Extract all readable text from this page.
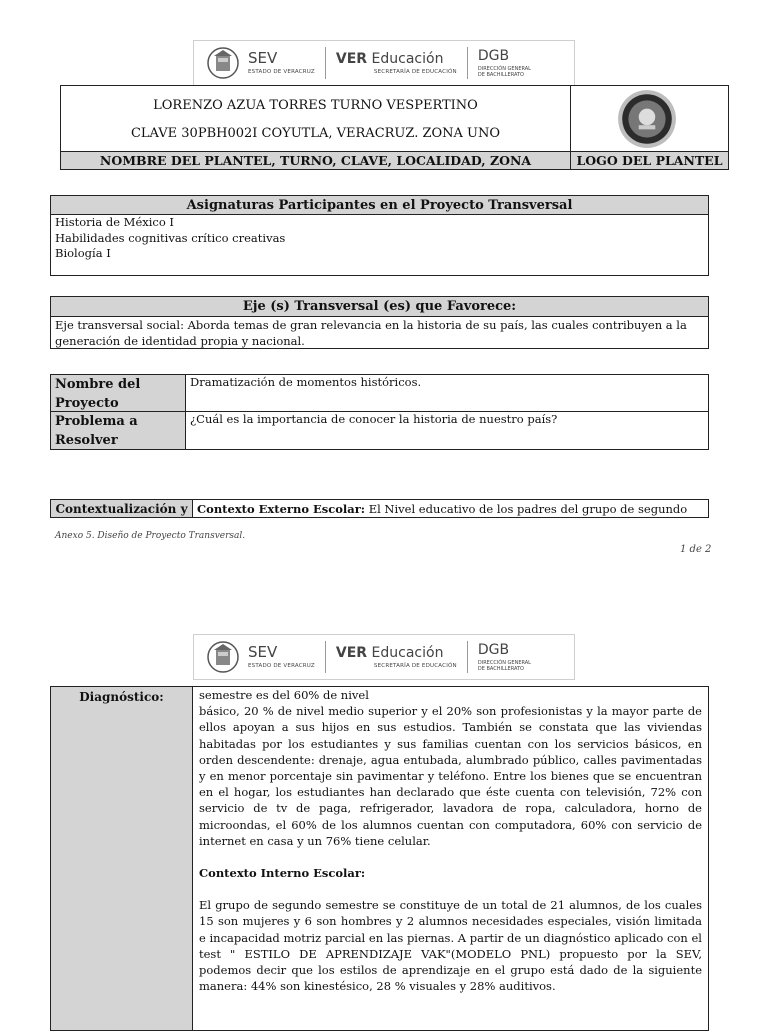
SEV
ESTADO DE VERACRUZ
VER Educación
SECRETARÍA DE EDUCACIÓN
DGB
DIRECCIÓN GENERAL
DE BACHILLERATO
LORENZO AZUA TORRES TURNO VESPERTINO
CLAVE 30PBH002I COYUTLA, VERACRUZ. ZONA UNO
NOMBRE DEL PLANTEL, TURNO, CLAVE, LOCALIDAD, ZONA	LOGO DEL PLANTEL
Asignaturas Participantes en el Proyecto Transversal
Historia de México I
Habilidades cognitivas crítico creativas
Biología I
Eje (s) Transversal (es) que Favorece:
Eje transversal social: Aborda temas de gran relevancia en la historia de su país, las cuales contribuyen a la generación de identidad propia y nacional.
Nombre del Proyecto
Dramatización de momentos históricos.
Problema a Resolver
¿Cuál es la importancia de conocer la historia de nuestro país?
Contextualización y Contexto Externo Escolar: El Nivel educativo de los padres del grupo de segundo
Anexo 5. Diseño de Proyecto Transversal.
1 de 2
SEV
ESTADO DE VERACRUZ
VER Educación
SECRETARÍA DE EDUCACIÓN
DGB
DIRECCIÓN GENERAL
DE BACHILLERATO
Diagnóstico:	semestre es del 60% de nivel
básico, 20 % de nivel medio superior y el 20% son profesionistas y la mayor parte de ellos apoyan a sus hijos en sus estudios. También se constata que las viviendas habitadas por los estudiantes y sus familias cuentan con los servicios básicos, en orden descendente: drenaje, agua entubada, alumbrado público, calles pavimentadas y en menor porcentaje sin pavimentar y teléfono. Entre los bienes que se encuentran en el hogar, los estudiantes han declarado que éste cuenta con televisión, 72% con servicio de tv de paga, refrigerador, lavadora de ropa, calculadora, horno de microondas, el 60% de los alumnos cuentan con computadora, 60% con servicio de internet en casa y un 76% tiene celular.
Contexto Interno Escolar:
El grupo de segundo semestre se constituye de un total de 21 alumnos, de los cuales 15 son mujeres y 6 son hombres y 2 alumnos necesidades especiales, visión limitada e incapacidad motriz parcial en las piernas. A partir de un diagnóstico aplicado con el test " ESTILO DE APRENDIZAJE VAK"(MODELO PNL) propuesto por la SEV, podemos decir que los estilos de aprendizaje en el grupo está dado de la siguiente manera: 44% son kinestésico, 28 % visuales y 28% auditivos.
